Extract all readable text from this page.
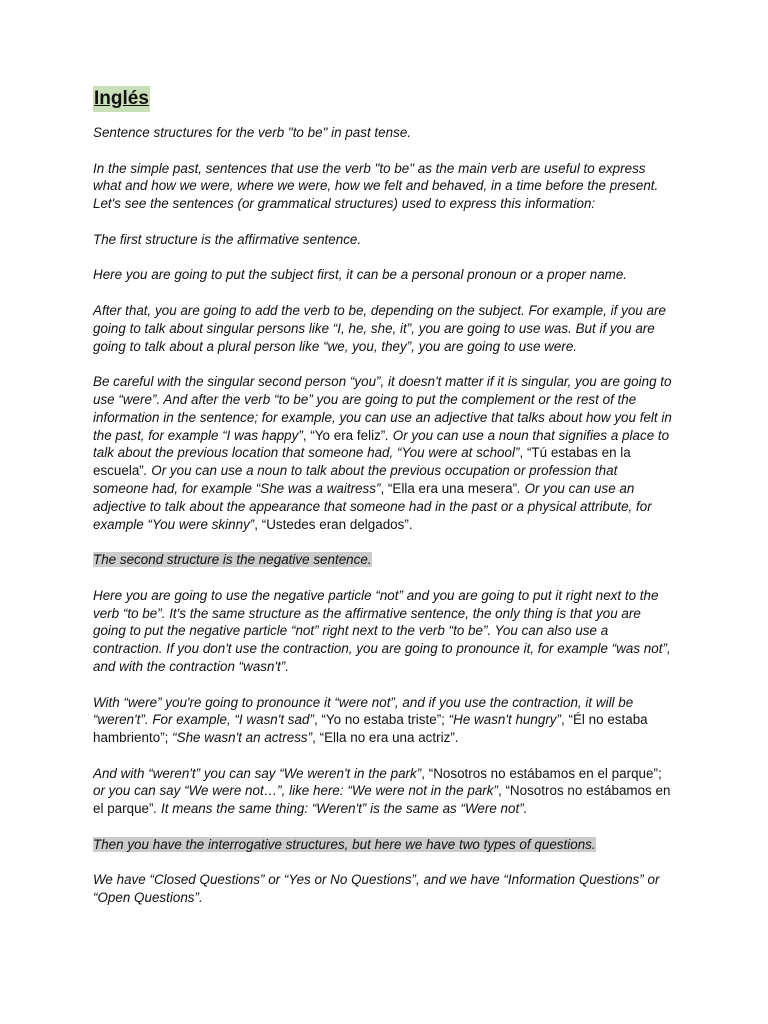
Inglés

Sentence structures for the verb "to be" in past tense.

In the simple past, sentences that use the verb "to be" as the main verb are useful to express what and how we were, where we were, how we felt and behaved, in a time before the present. Let's see the sentences (or grammatical structures) used to express this information:

The first structure is the affirmative sentence.

Here you are going to put the subject first, it can be a personal pronoun or a proper name.

After that, you are going to add the verb to be, depending on the subject. For example, if you are going to talk about singular persons like “I, he, she, it”, you are going to use was. But if you are going to talk about a plural person like “we, you, they”, you are going to use were.

Be careful with the singular second person “you”, it doesn't matter if it is singular, you are going to use “were”. And after the verb “to be” you are going to put the complement or the rest of the information in the sentence; for example, you can use an adjective that talks about how you felt in the past, for example “I was happy”, “Yo era feliz”. Or you can use a noun that signifies a place to talk about the previous location that someone had, “You were at school”, “Tú estabas en la escuela”. Or you can use a noun to talk about the previous occupation or profession that someone had, for example “She was a waitress”, “Ella era una mesera”. Or you can use an adjective to talk about the appearance that someone had in the past or a physical attribute, for example “You were skinny”, “Ustedes eran delgados”.

The second structure is the negative sentence.

Here you are going to use the negative particle “not” and you are going to put it right next to the verb “to be”. It's the same structure as the affirmative sentence, the only thing is that you are going to put the negative particle “not” right next to the verb “to be”. You can also use a contraction. If you don't use the contraction, you are going to pronounce it, for example “was not”, and with the contraction “wasn't”.

With “were” you're going to pronounce it “were not”, and if you use the contraction, it will be “weren't”. For example, “I wasn't sad”, “Yo no estaba triste”; “He wasn't hungry”, “Él no estaba hambriento”; “She wasn't an actress”, “Ella no era una actriz”.

And with “weren't” you can say “We weren't in the park”, “Nosotros no estábamos en el parque”; or you can say “We were not…”, like here: “We were not in the park”, “Nosotros no estábamos en el parque”. It means the same thing: “Weren't” is the same as “Were not”.

Then you have the interrogative structures, but here we have two types of questions.

We have “Closed Questions” or “Yes or No Questions”, and we have “Information Questions” or “Open Questions”.
